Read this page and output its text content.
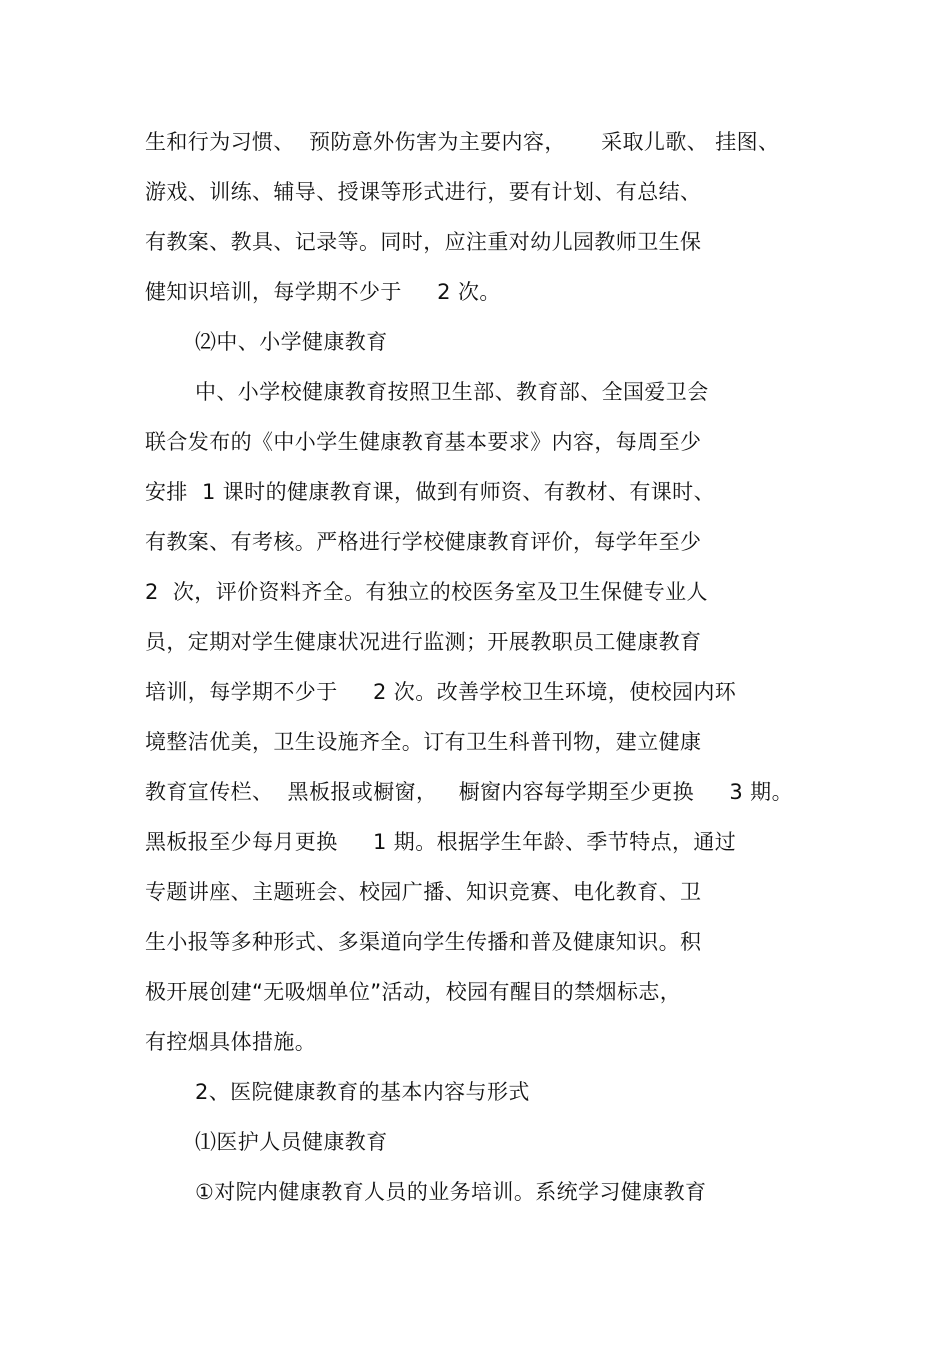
生和行为习惯、  预防意外伤害为主要内容，     采取儿歌、 挂图、
游戏、训练、辅导、授课等形式进行，要有计划、有总结、
有教案、教具、记录等。同时，应注重对幼儿园教师卫生保
健知识培训，每学期不少于     2 次。
⑵中、小学健康教育
中、小学校健康教育按照卫生部、教育部、全国爱卫会
联合发布的《中小学生健康教育基本要求》内容，每周至少
安排  1 课时的健康教育课，做到有师资、有教材、有课时、
有教案、有考核。严格进行学校健康教育评价，每学年至少
2  次，评价资料齐全。有独立的校医务室及卫生保健专业人
员，定期对学生健康状况进行监测；开展教职员工健康教育
培训，每学期不少于     2 次。改善学校卫生环境，使校园内环
境整洁优美，卫生设施齐全。订有卫生科普刊物，建立健康
教育宣传栏、  黑板报或橱窗，   橱窗内容每学期至少更换     3 期。
黑板报至少每月更换     1 期。根据学生年龄、季节特点，通过
专题讲座、主题班会、校园广播、知识竞赛、电化教育、卫
生小报等多种形式、多渠道向学生传播和普及健康知识。积
极开展创建“无吸烟单位”活动，校园有醒目的禁烟标志，
有控烟具体措施。
2、医院健康教育的基本内容与形式
⑴医护人员健康教育
①对院内健康教育人员的业务培训。系统学习健康教育
